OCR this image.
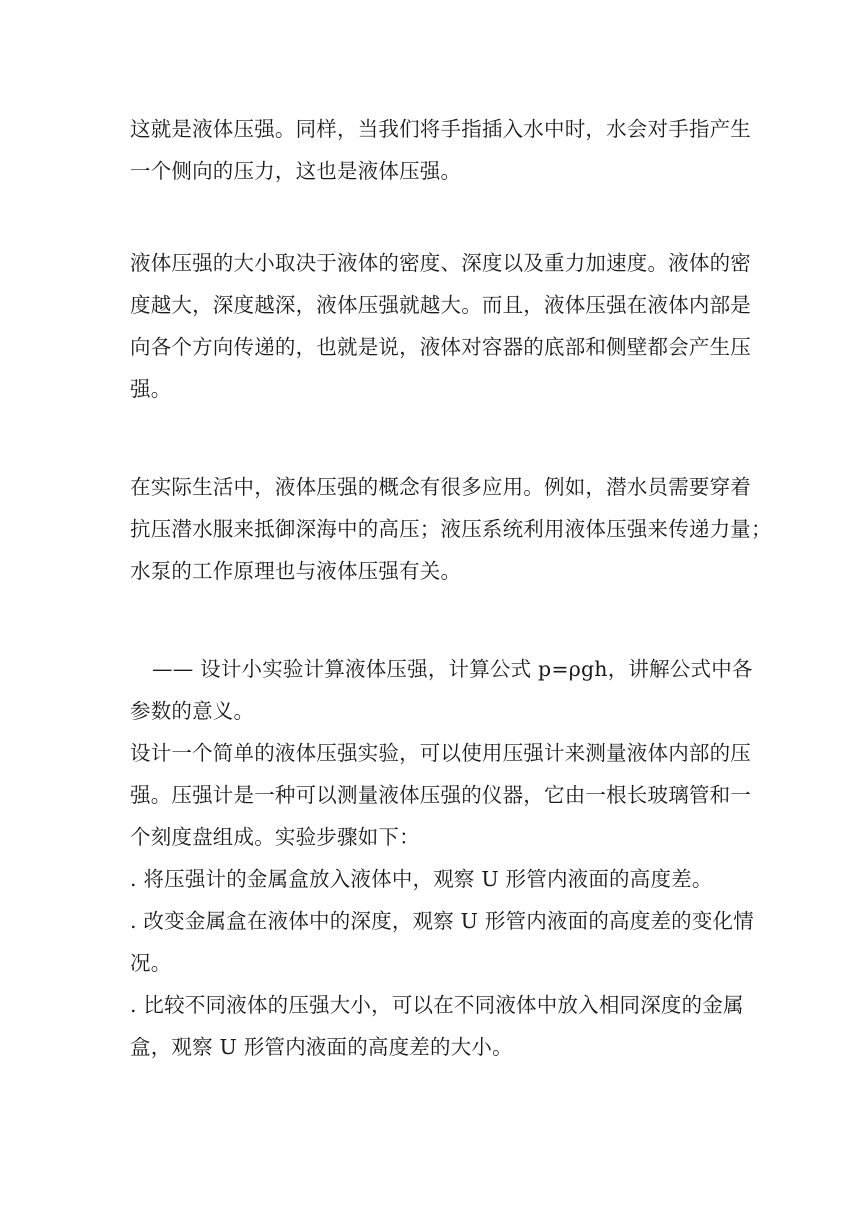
这就是液体压强。同样，当我们将手指插入水中时，水会对手指产生
一个侧向的压力，这也是液体压强。
液体压强的大小取决于液体的密度、深度以及重力加速度。液体的密
度越大，深度越深，液体压强就越大。而且，液体压强在液体内部是
向各个方向传递的，也就是说，液体对容器的底部和侧壁都会产生压
强。
在实际生活中，液体压强的概念有很多应用。例如，潜水员需要穿着
抗压潜水服来抵御深海中的高压；液压系统利用液体压强来传递力量；
水泵的工作原理也与液体压强有关。
—— 设计小实验计算液体压强，计算公式 p=ρgh，讲解公式中各
参数的意义。
设计一个简单的液体压强实验，可以使用压强计来测量液体内部的压
强。压强计是一种可以测量液体压强的仪器，它由一根长玻璃管和一
个刻度盘组成。实验步骤如下：
. 将压强计的金属盒放入液体中，观察 U 形管内液面的高度差。
. 改变金属盒在液体中的深度，观察 U 形管内液面的高度差的变化情
况。
. 比较不同液体的压强大小，可以在不同液体中放入相同深度的金属
盒，观察 U 形管内液面的高度差的大小。
